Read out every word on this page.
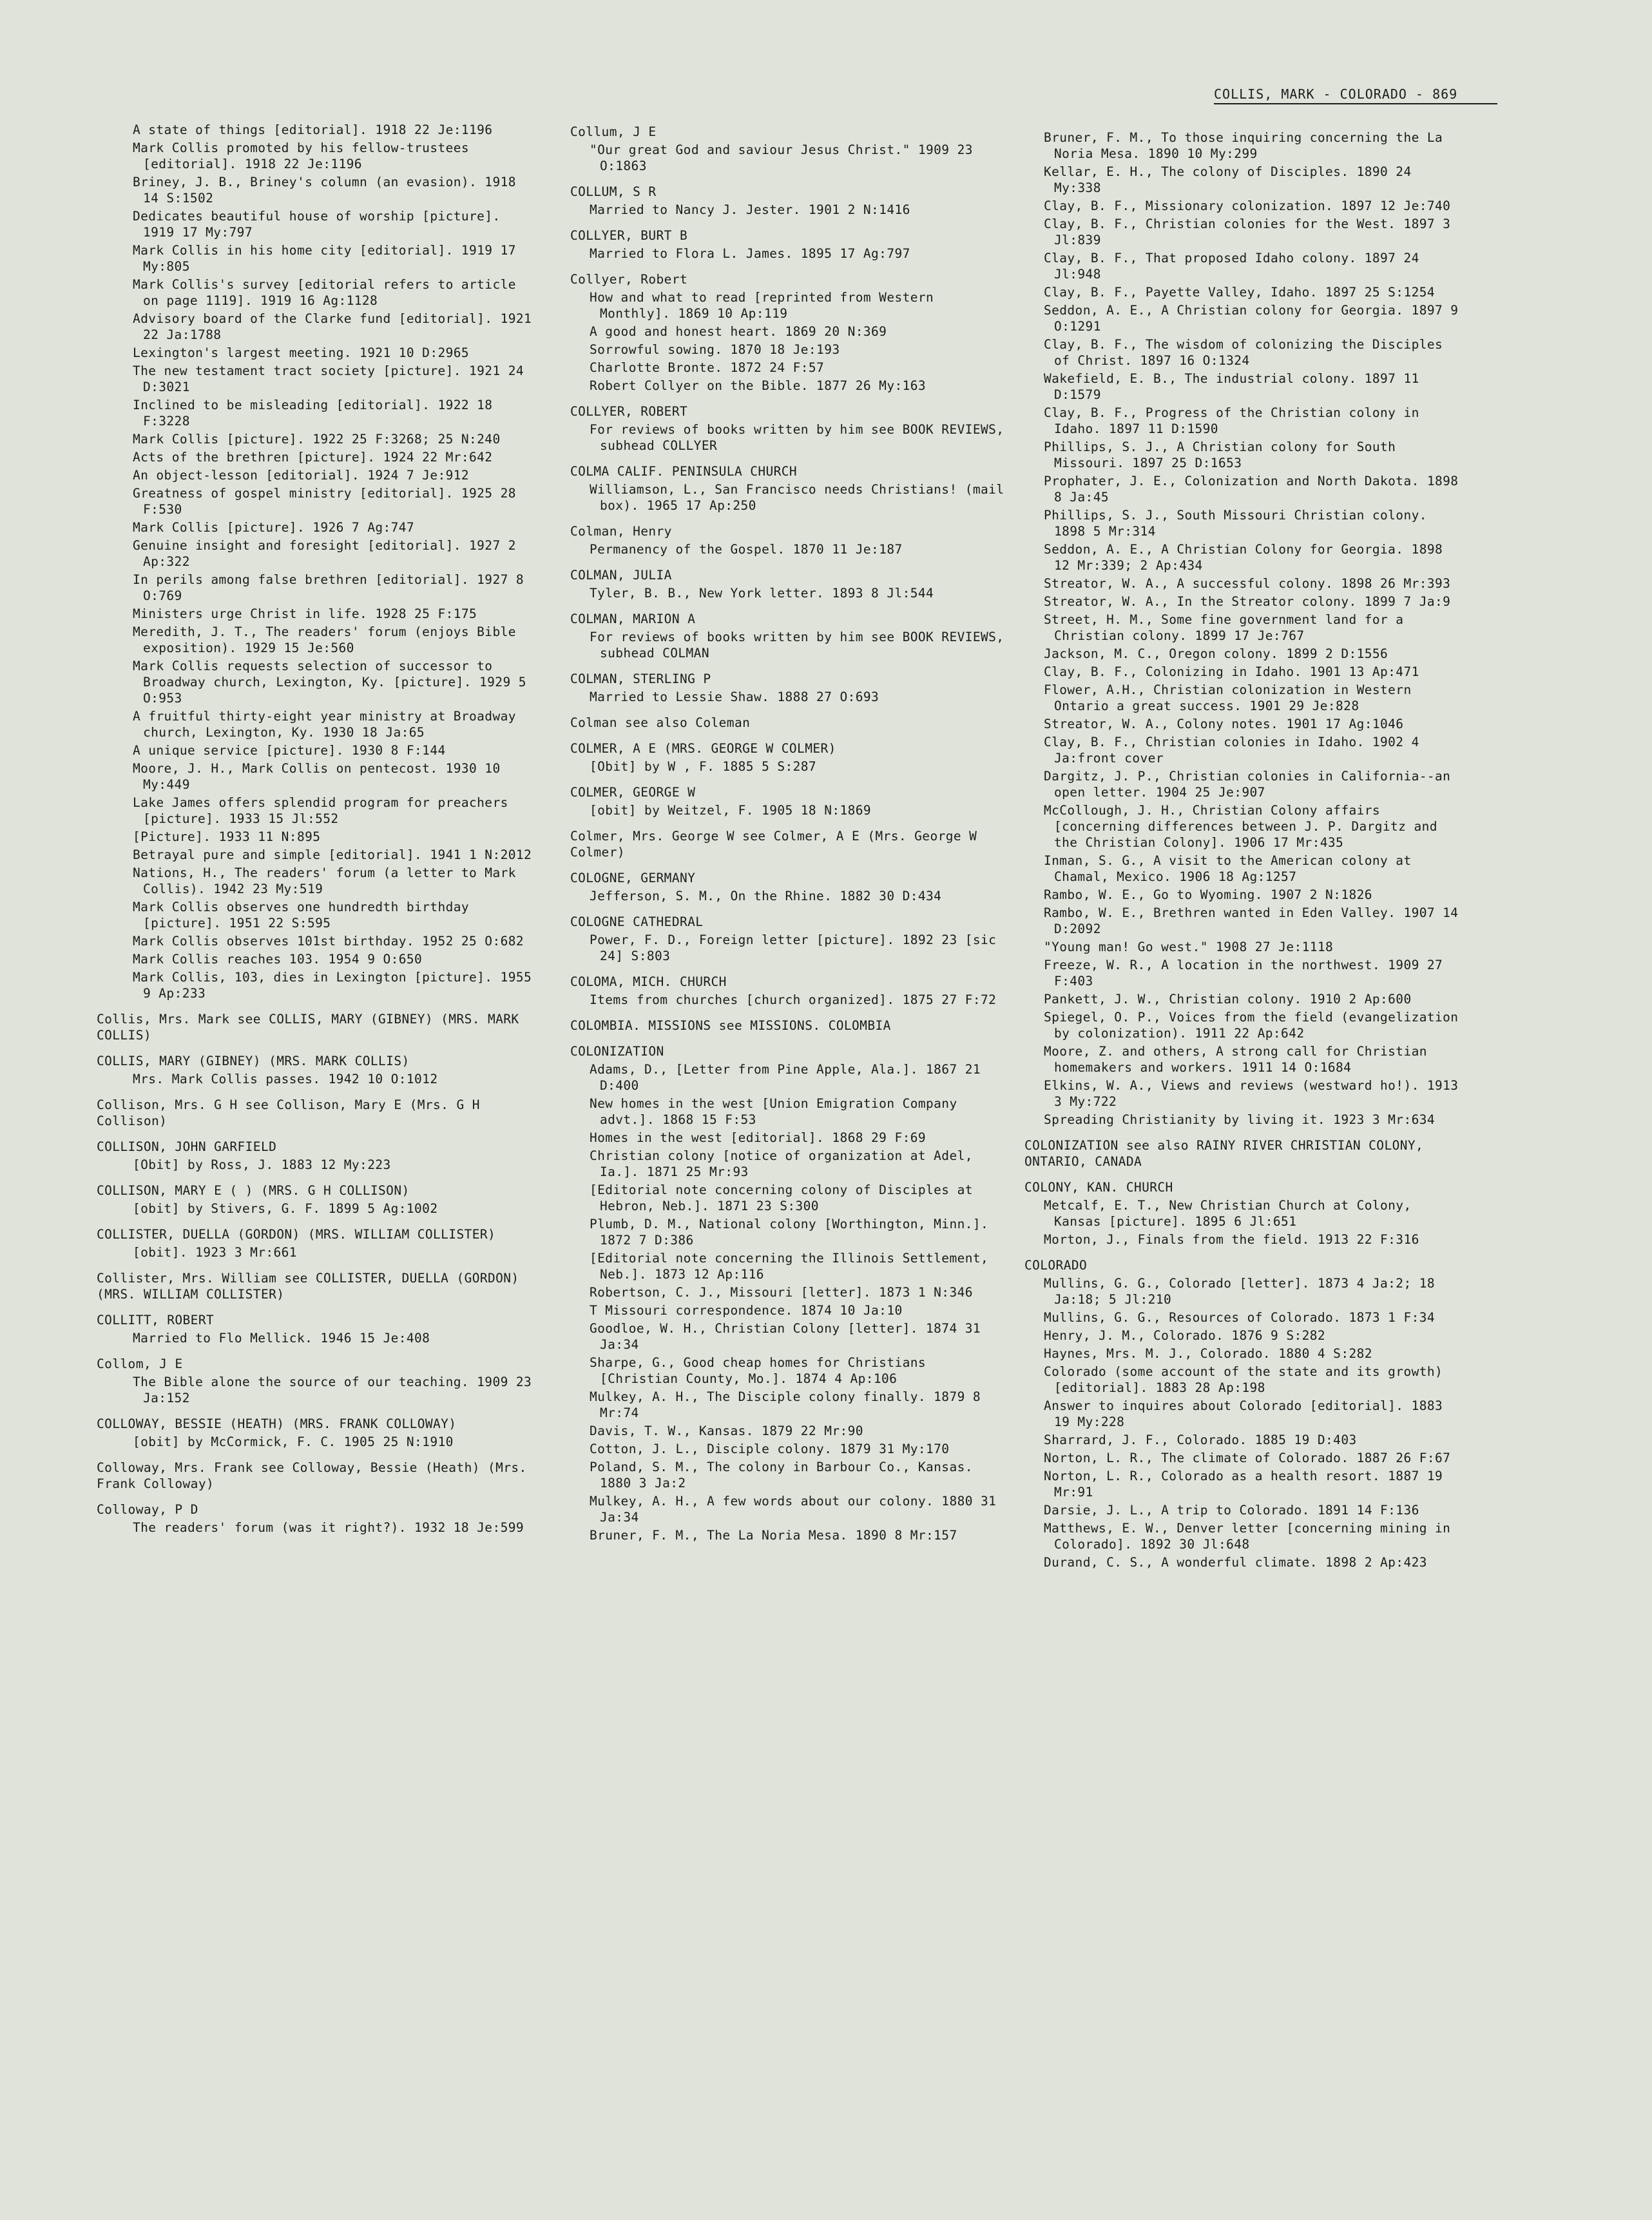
COLLIS, MARK - COLORADO - 869
A state of things [editorial]. 1918 22 Je:1196
Mark Collis promoted by his fellow-trustees [editorial]. 1918 22 Je:1196
Briney, J. B., Briney's column (an evasion). 1918 14 S:1502
Dedicates beautiful house of worship [picture]. 1919 17 My:797
Mark Collis in his home city [editorial]. 1919 17 My:805
Mark Collis's survey [editorial refers to article on page 1119]. 1919 16 Ag:1128
Advisory board of the Clarke fund [editorial]. 1921 22 Ja:1788
Lexington's largest meeting. 1921 10 D:2965
The new testament tract society [picture]. 1921 24 D:3021
Inclined to be misleading [editorial]. 1922 18 F:3228
Mark Collis [picture]. 1922 25 F:3268; 25 N:240
Acts of the brethren [picture]. 1924 22 Mr:642
An object-lesson [editorial]. 1924 7 Je:912
Greatness of gospel ministry [editorial]. 1925 28 F:530
Mark Collis [picture]. 1926 7 Ag:747
Genuine insight and foresight [editorial]. 1927 2 Ap:322
In perils among false brethren [editorial]. 1927 8 O:769
Ministers urge Christ in life. 1928 25 F:175
Meredith, J. T., The readers' forum (enjoys Bible exposition). 1929 15 Je:560
Mark Collis requests selection of successor to Broadway church, Lexington, Ky. [picture]. 1929 5 O:953
A fruitful thirty-eight year ministry at Broadway church, Lexington, Ky. 1930 18 Ja:65
A unique service [picture]. 1930 8 F:144
Moore, J. H., Mark Collis on pentecost. 1930 10 My:449
Lake James offers splendid program for preachers [picture]. 1933 15 Jl:552
[Picture]. 1933 11 N:895
Betrayal pure and simple [editorial]. 1941 1 N:2012
Nations, H., The readers' forum (a letter to Mark Collis). 1942 23 My:519
Mark Collis observes one hundredth birthday [picture]. 1951 22 S:595
Mark Collis observes 101st birthday. 1952 25 O:682
Mark Collis reaches 103. 1954 9 O:650
Mark Collis, 103, dies in Lexington [picture]. 1955 9 Ap:233
Collis, Mrs. Mark see COLLIS, MARY (GIBNEY) (MRS. MARK COLLIS)
COLLIS, MARY (GIBNEY) (MRS. MARK COLLIS)
Mrs. Mark Collis passes. 1942 10 O:1012
Collison, Mrs. G H see Collison, Mary E (Mrs. G H Collison)
COLLISON, JOHN GARFIELD
[Obit] by Ross, J. 1883 12 My:223
COLLISON, MARY E ( ) (MRS. G H COLLISON)
[obit] by Stivers, G. F. 1899 5 Ag:1002
COLLISTER, DUELLA (GORDON) (MRS. WILLIAM COLLISTER)
[obit]. 1923 3 Mr:661
Collister, Mrs. William see COLLISTER, DUELLA (GORDON) (MRS. WILLIAM COLLISTER)
COLLITT, ROBERT
Married to Flo Mellick. 1946 15 Je:408
Collom, J E
The Bible alone the source of our teaching. 1909 23 Ja:152
COLLOWAY, BESSIE (HEATH) (MRS. FRANK COLLOWAY)
[obit] by McCormick, F. C. 1905 25 N:1910
Colloway, Mrs. Frank see Colloway, Bessie (Heath) (Mrs. Frank Colloway)
Colloway, P D
The readers' forum (was it right?). 1932 18 Je:599
Collum, J E
"Our great God and saviour Jesus Christ." 1909 23 O:1863
COLLUM, S R
Married to Nancy J. Jester. 1901 2 N:1416
COLLYER, BURT B
Married to Flora L. James. 1895 17 Ag:797
Collyer, Robert
How and what to read [reprinted from Western Monthly]. 1869 10 Ap:119
A good and honest heart. 1869 20 N:369
Sorrowful sowing. 1870 18 Je:193
Charlotte Bronte. 1872 24 F:57
Robert Collyer on the Bible. 1877 26 My:163
COLLYER, ROBERT
For reviews of books written by him see BOOK REVIEWS, subhead COLLYER
COLMA CALIF. PENINSULA CHURCH
Williamson, L., San Francisco needs Christians! (mail box). 1965 17 Ap:250
Colman, Henry
Permanency of the Gospel. 1870 11 Je:187
COLMAN, JULIA
Tyler, B. B., New York letter. 1893 8 Jl:544
COLMAN, MARION A
For reviews of books written by him see BOOK REVIEWS, subhead COLMAN
COLMAN, STERLING P
Married to Lessie Shaw. 1888 27 O:693
Colman see also Coleman
COLMER, A E (MRS. GEORGE W COLMER)
[Obit] by W , F. 1885 5 S:287
COLMER, GEORGE W
[obit] by Weitzel, F. 1905 18 N:1869
Colmer, Mrs. George W see Colmer, A E (Mrs. George W Colmer)
COLOGNE, GERMANY
Jefferson, S. M., On the Rhine. 1882 30 D:434
COLOGNE CATHEDRAL
Power, F. D., Foreign letter [picture]. 1892 23 [sic 24] S:803
COLOMA, MICH. CHURCH
Items from churches [church organized]. 1875 27 F:72
COLOMBIA. MISSIONS see MISSIONS. COLOMBIA
COLONIZATION
Adams, D., [Letter from Pine Apple, Ala.]. 1867 21 D:400
New homes in the west [Union Emigration Company advt.]. 1868 15 F:53
Homes in the west [editorial]. 1868 29 F:69
Christian colony [notice of organization at Adel, Ia.]. 1871 25 Mr:93
[Editorial note concerning colony of Disciples at Hebron, Neb.]. 1871 23 S:300
Plumb, D. M., National colony [Worthington, Minn.]. 1872 7 D:386
[Editorial note concerning the Illinois Settlement, Neb.]. 1873 12 Ap:116
Robertson, C. J., Missouri [letter]. 1873 1 N:346
T Missouri correspondence. 1874 10 Ja:10
Goodloe, W. H., Christian Colony [letter]. 1874 31 Ja:34
Sharpe, G., Good cheap homes for Christians [Christian County, Mo.]. 1874 4 Ap:106
Mulkey, A. H., The Disciple colony finally. 1879 8 Mr:74
Davis, T. W., Kansas. 1879 22 Mr:90
Cotton, J. L., Disciple colony. 1879 31 My:170
Poland, S. M., The colony in Barbour Co., Kansas. 1880 3 Ja:2
Mulkey, A. H., A few words about our colony. 1880 31 Ja:34
Bruner, F. M., The La Noria Mesa. 1890 8 Mr:157
Bruner, F. M., To those inquiring concerning the La Noria Mesa. 1890 10 My:299
Kellar, E. H., The colony of Disciples. 1890 24 My:338
Clay, B. F., Missionary colonization. 1897 12 Je:740
Clay, B. F., Christian colonies for the West. 1897 3 Jl:839
Clay, B. F., That proposed Idaho colony. 1897 24 Jl:948
Clay, B. F., Payette Valley, Idaho. 1897 25 S:1254
Seddon, A. E., A Christian colony for Georgia. 1897 9 O:1291
Clay, B. F., The wisdom of colonizing the Disciples of Christ. 1897 16 O:1324
Wakefield, E. B., The industrial colony. 1897 11 D:1579
Clay, B. F., Progress of the Christian colony in Idaho. 1897 11 D:1590
Phillips, S. J., A Christian colony for South Missouri. 1897 25 D:1653
Prophater, J. E., Colonization and North Dakota. 1898 8 Ja:45
Phillips, S. J., South Missouri Christian colony. 1898 5 Mr:314
Seddon, A. E., A Christian Colony for Georgia. 1898 12 Mr:339; 2 Ap:434
Streator, W. A., A successful colony. 1898 26 Mr:393
Streator, W. A., In the Streator colony. 1899 7 Ja:9
Street, H. M., Some fine government land for a Christian colony. 1899 17 Je:767
Jackson, M. C., Oregon colony. 1899 2 D:1556
Clay, B. F., Colonizing in Idaho. 1901 13 Ap:471
Flower, A.H., Christian colonization in Western Ontario a great success. 1901 29 Je:828
Streator, W. A., Colony notes. 1901 17 Ag:1046
Clay, B. F., Christian colonies in Idaho. 1902 4 Ja:front cover
Dargitz, J. P., Christian colonies in California--an open letter. 1904 25 Je:907
McCollough, J. H., Christian Colony affairs [concerning differences between J. P. Dargitz and the Christian Colony]. 1906 17 Mr:435
Inman, S. G., A visit to the American colony at Chamal, Mexico. 1906 18 Ag:1257
Rambo, W. E., Go to Wyoming. 1907 2 N:1826
Rambo, W. E., Brethren wanted in Eden Valley. 1907 14 D:2092
"Young man! Go west." 1908 27 Je:1118
Freeze, W. R., A location in the northwest. 1909 27 F:403
Pankett, J. W., Christian colony. 1910 2 Ap:600
Spiegel, O. P., Voices from the field (evangelization by colonization). 1911 22 Ap:642
Moore, Z. and others, A strong call for Christian homemakers and workers. 1911 14 O:1684
Elkins, W. A., Views and reviews (westward ho!). 1913 3 My:722
Spreading Christianity by living it. 1923 3 Mr:634
COLONIZATION see also RAINY RIVER CHRISTIAN COLONY, ONTARIO, CANADA
COLONY, KAN. CHURCH
Metcalf, E. T., New Christian Church at Colony, Kansas [picture]. 1895 6 Jl:651
Morton, J., Finals from the field. 1913 22 F:316
COLORADO
Mullins, G. G., Colorado [letter]. 1873 4 Ja:2; 18 Ja:18; 5 Jl:210
Mullins, G. G., Resources of Colorado. 1873 1 F:34
Henry, J. M., Colorado. 1876 9 S:282
Haynes, Mrs. M. J., Colorado. 1880 4 S:282
Colorado (some account of the state and its growth) [editorial]. 1883 28 Ap:198
Answer to inquires about Colorado [editorial]. 1883 19 My:228
Sharrard, J. F., Colorado. 1885 19 D:403
Norton, L. R., The climate of Colorado. 1887 26 F:67
Norton, L. R., Colorado as a health resort. 1887 19 Mr:91
Darsie, J. L., A trip to Colorado. 1891 14 F:136
Matthews, E. W., Denver letter [concerning mining in Colorado]. 1892 30 Jl:648
Durand, C. S., A wonderful climate. 1898 2 Ap:423
